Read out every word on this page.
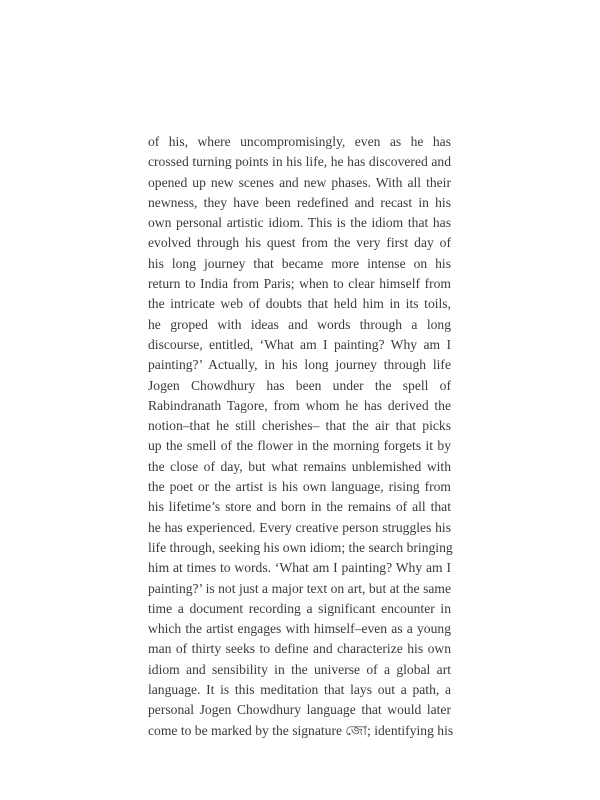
of his, where uncompromisingly, even as he has
crossed turning points in his life, he has discovered and
opened up new scenes and new phases. With all their
newness, they have been redefined and recast in his
own personal artistic idiom. This is the idiom that has
evolved through his quest from the very first day of
his long journey that became more intense on his
return to India from Paris; when to clear himself from
the intricate web of doubts that held him in its toils,
he groped with ideas and words through a long
discourse, entitled, ‘What am I painting? Why am I
painting?’ Actually, in his long journey through life
Jogen Chowdhury has been under the spell of
Rabindranath Tagore, from whom he has derived the
notion–that he still cherishes– that the air that picks
up the smell of the flower in the morning forgets it by
the close of day, but what remains unblemished with
the poet or the artist is his own language, rising from
his lifetime’s store and born in the remains of all that
he has experienced. Every creative person struggles his
life through, seeking his own idiom; the search bringing
him at times to words. ‘What am I painting? Why am I
painting?’ is not just a major text on art, but at the same
time a document recording a significant encounter in
which the artist engages with himself–even as a young
man of thirty seeks to define and characterize his own
idiom and sensibility in the universe of a global art
language. It is this meditation that lays out a path, a
personal Jogen Chowdhury language that would later
come to be marked by the signature জো; identifying his
